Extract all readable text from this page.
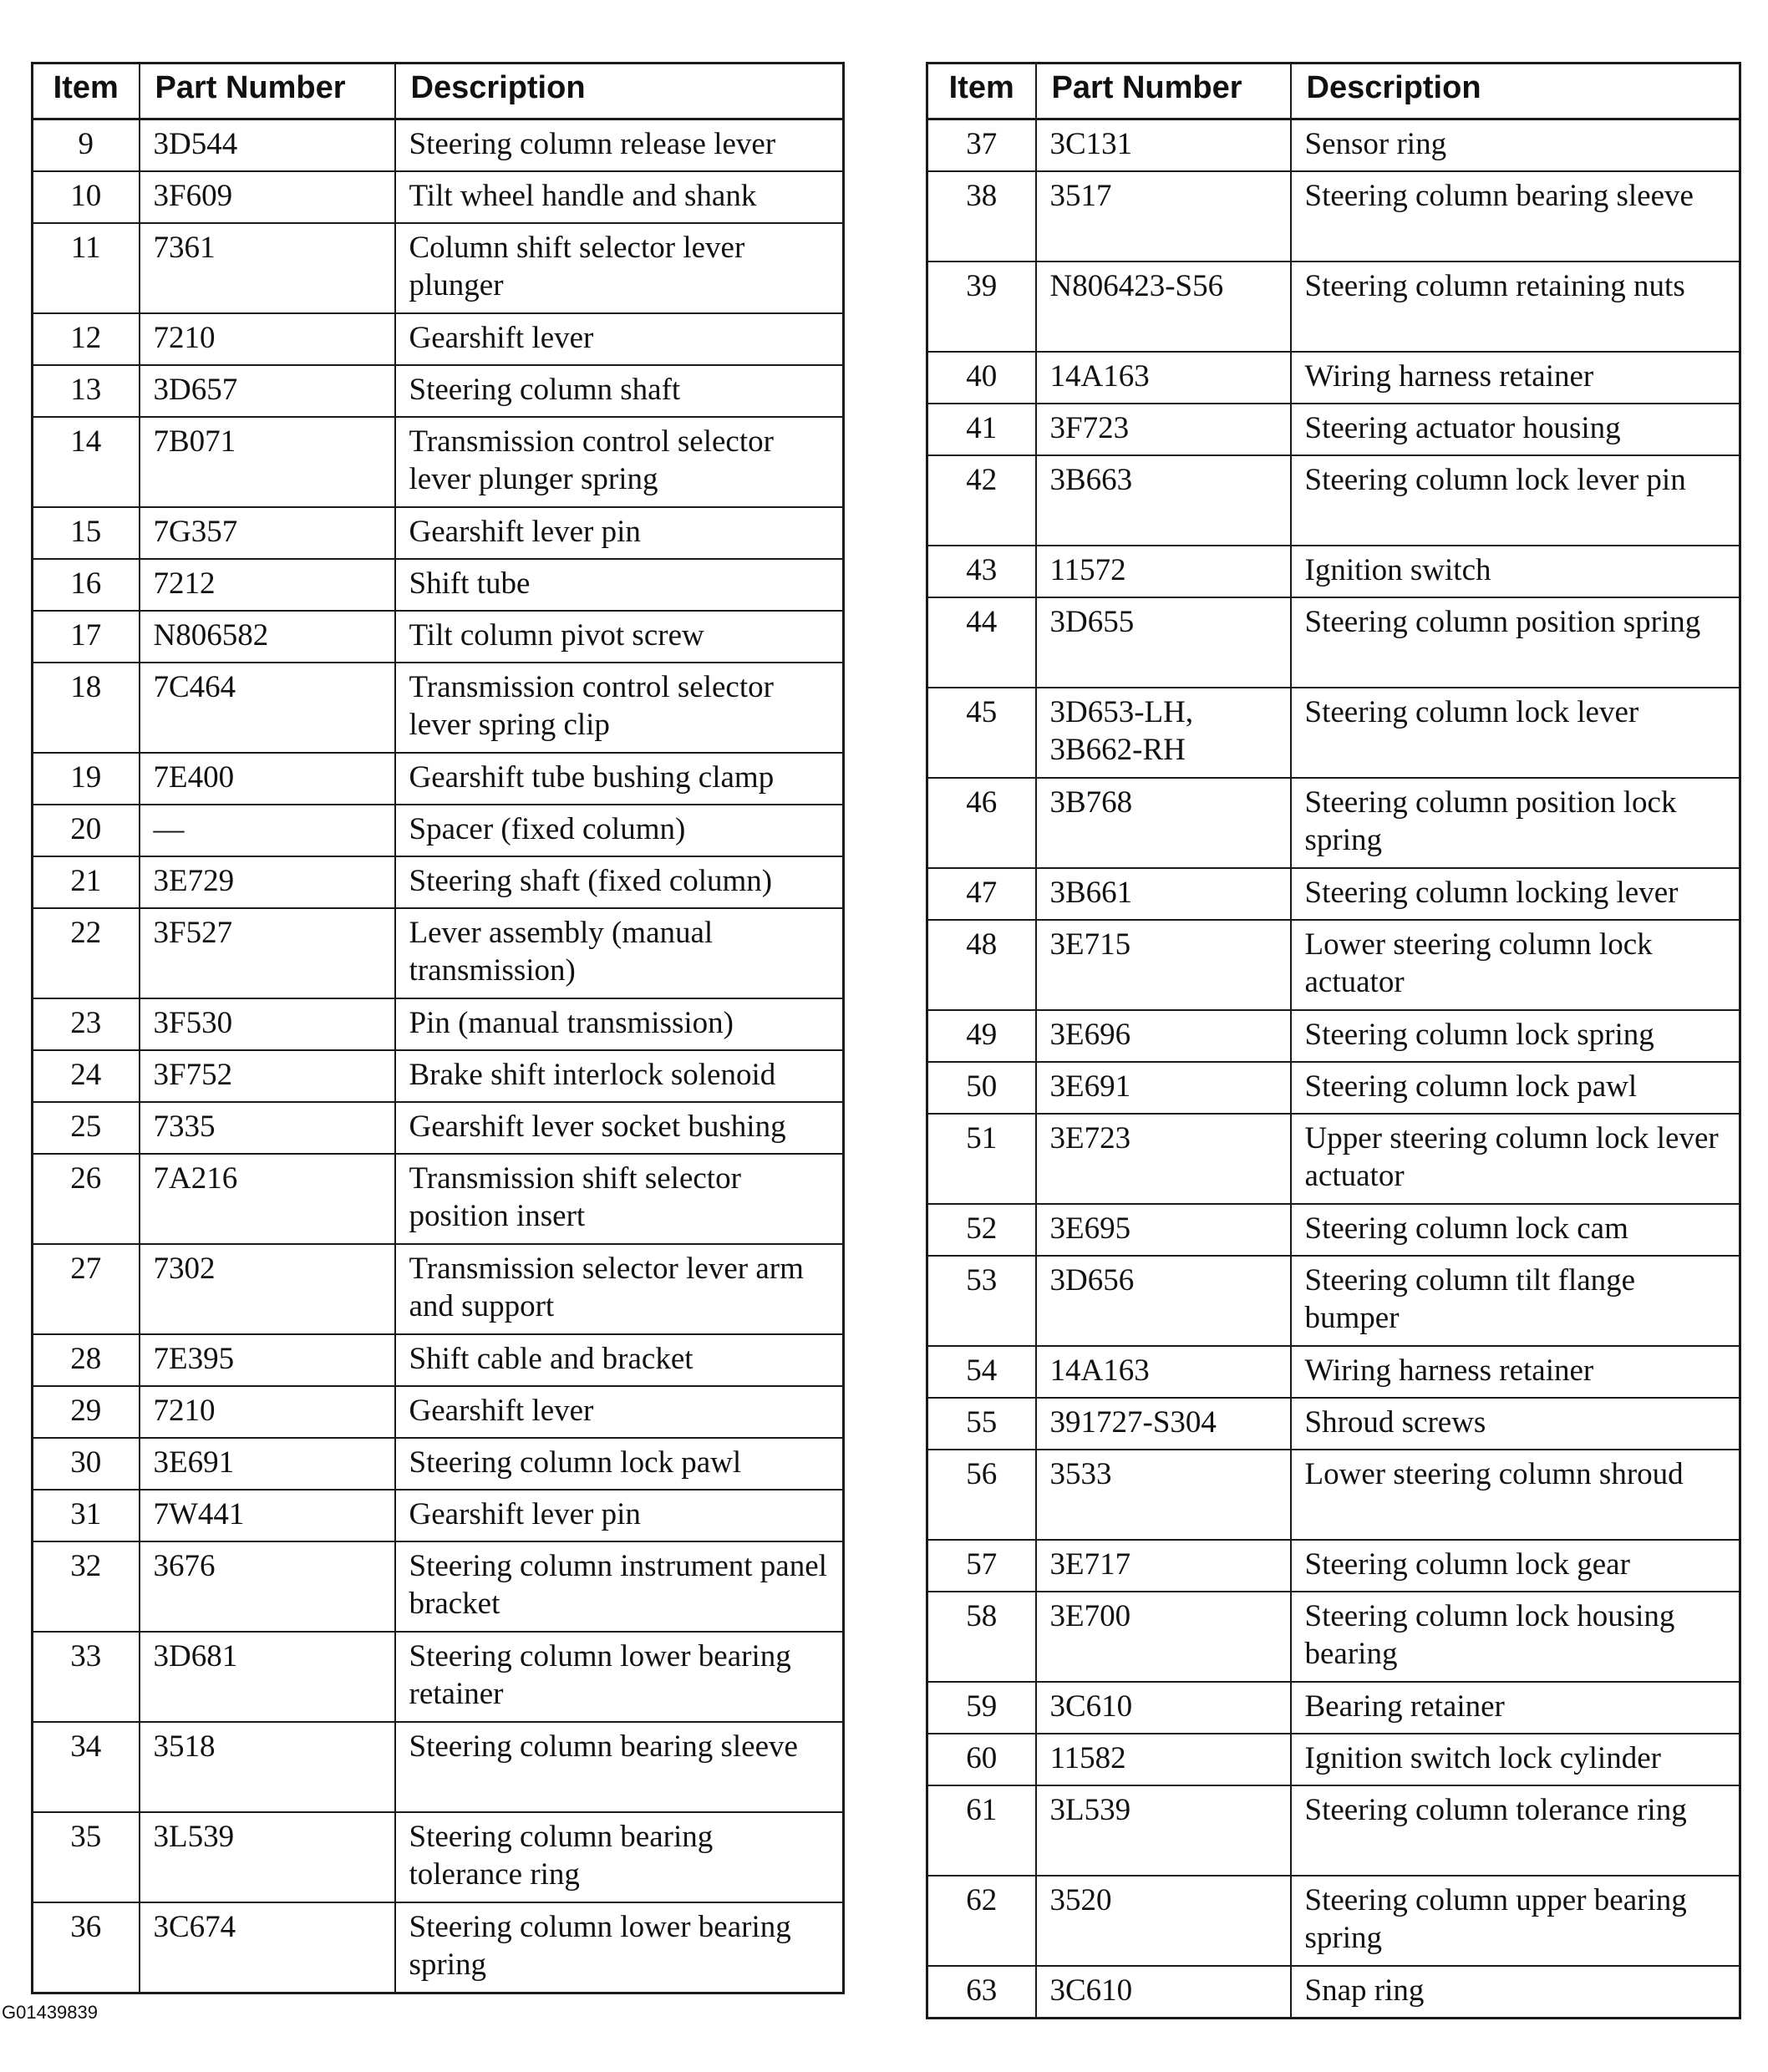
Item	Part Number	Description
9	3D544	Steering column release lever
10	3F609	Tilt wheel handle and shank
11	7361	Column shift selector lever plunger
12	7210	Gearshift lever
13	3D657	Steering column shaft
14	7B071	Transmission control selector lever plunger spring
15	7G357	Gearshift lever pin
16	7212	Shift tube
17	N806582	Tilt column pivot screw
18	7C464	Transmission control selector lever spring clip
19	7E400	Gearshift tube bushing clamp
20	—	Spacer (fixed column)
21	3E729	Steering shaft (fixed column)
22	3F527	Lever assembly (manual transmission)
23	3F530	Pin (manual transmission)
24	3F752	Brake shift interlock solenoid
25	7335	Gearshift lever socket bushing
26	7A216	Transmission shift selector position insert
27	7302	Transmission selector lever arm and support
28	7E395	Shift cable and bracket
29	7210	Gearshift lever
30	3E691	Steering column lock pawl
31	7W441	Gearshift lever pin
32	3676	Steering column instrument panel bracket
33	3D681	Steering column lower bearing retainer
34	3518	Steering column bearing sleeve
35	3L539	Steering column bearing tolerance ring
36	3C674	Steering column lower bearing spring
Item	Part Number	Description
37	3C131	Sensor ring
38	3517	Steering column bearing sleeve
39	N806423-S56	Steering column retaining nuts
40	14A163	Wiring harness retainer
41	3F723	Steering actuator housing
42	3B663	Steering column lock lever pin
43	11572	Ignition switch
44	3D655	Steering column position spring
45	3D653-LH, 3B662-RH	Steering column lock lever
46	3B768	Steering column position lock spring
47	3B661	Steering column locking lever
48	3E715	Lower steering column lock actuator
49	3E696	Steering column lock spring
50	3E691	Steering column lock pawl
51	3E723	Upper steering column lock lever actuator
52	3E695	Steering column lock cam
53	3D656	Steering column tilt flange bumper
54	14A163	Wiring harness retainer
55	391727-S304	Shroud screws
56	3533	Lower steering column shroud
57	3E717	Steering column lock gear
58	3E700	Steering column lock housing bearing
59	3C610	Bearing retainer
60	11582	Ignition switch lock cylinder
61	3L539	Steering column tolerance ring
62	3520	Steering column upper bearing spring
63	3C610	Snap ring
G01439839
